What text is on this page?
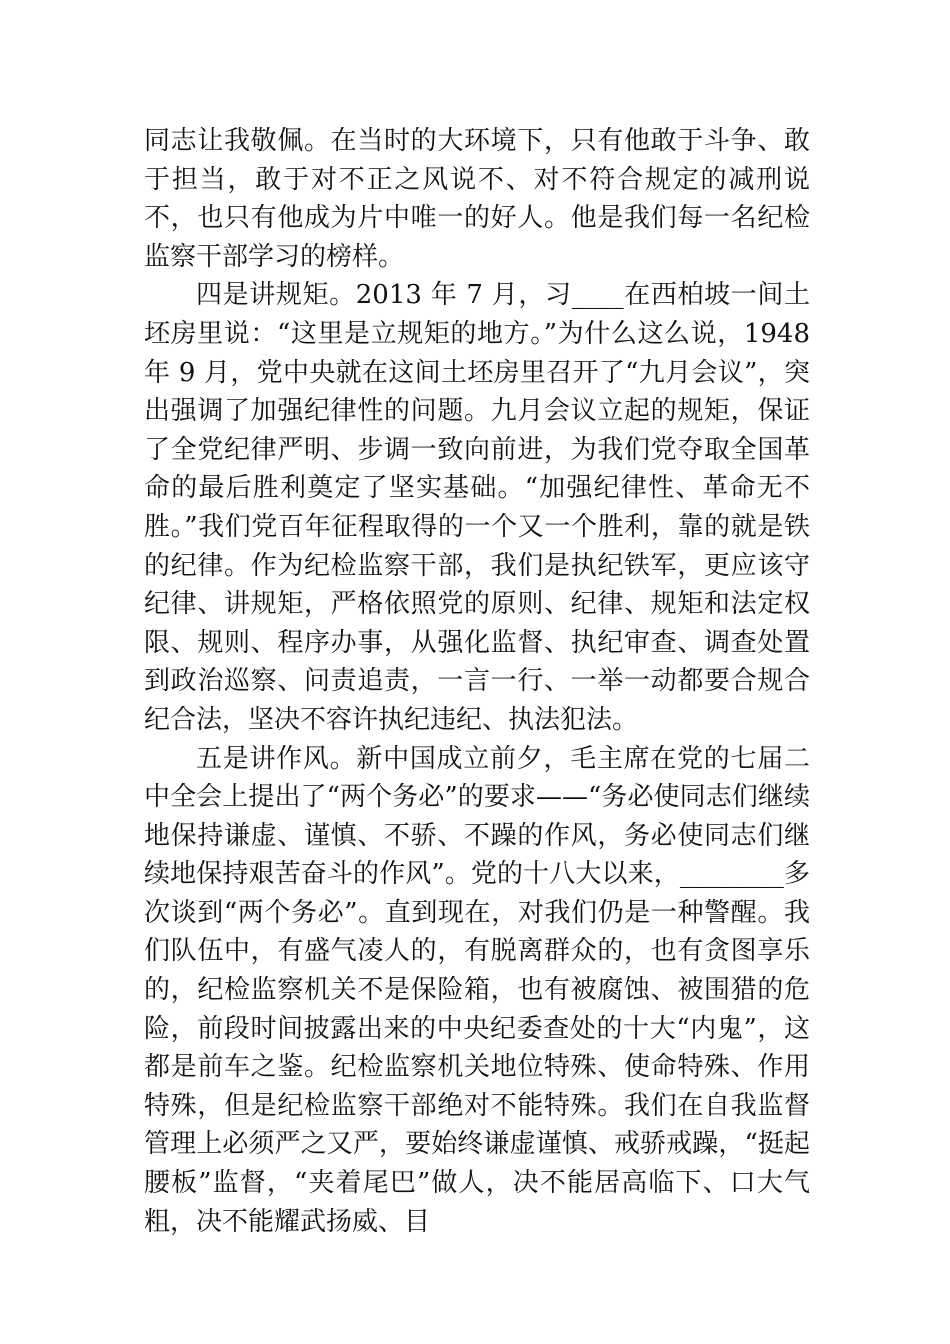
同志让我敬佩。在当时的大环境下，只有他敢于斗争、敢于担当，敢于对不正之风说不、对不符合规定的减刑说不，也只有他成为片中唯一的好人。他是我们每一名纪检监察干部学习的榜样。

四是讲规矩。2013 年 7 月，习____在西柏坡一间土坯房里说：“这里是立规矩的地方。”为什么这么说，1948 年 9 月，党中央就在这间土坯房里召开了“九月会议”，突出强调了加强纪律性的问题。九月会议立起的规矩，保证了全党纪律严明、步调一致向前进，为我们党夺取全国革命的最后胜利奠定了坚实基础。“加强纪律性、革命无不胜。”我们党百年征程取得的一个又一个胜利，靠的就是铁的纪律。作为纪检监察干部，我们是执纪铁军，更应该守纪律、讲规矩，严格依照党的原则、纪律、规矩和法定权限、规则、程序办事，从强化监督、执纪审查、调查处置到政治巡察、问责追责，一言一行、一举一动都要合规合纪合法，坚决不容许执纪违纪、执法犯法。

五是讲作风。新中国成立前夕，毛主席在党的七届二中全会上提出了“两个务必”的要求——“务必使同志们继续地保持谦虚、谨慎、不骄、不躁的作风，务必使同志们继续地保持艰苦奋斗的作风”。党的十八大以来，________多次谈到“两个务必”。直到现在，对我们仍是一种警醒。我们队伍中，有盛气凌人的，有脱离群众的，也有贪图享乐的，纪检监察机关不是保险箱，也有被腐蚀、被围猎的危险，前段时间披露出来的中央纪委查处的十大“内鬼”，这都是前车之鉴。纪检监察机关地位特殊、使命特殊、作用特殊，但是纪检监察干部绝对不能特殊。我们在自我监督管理上必须严之又严，要始终谦虚谨慎、戒骄戒躁，“挺起腰板”监督，“夹着尾巴”做人，决不能居高临下、口大气粗，决不能耀武扬威、目
